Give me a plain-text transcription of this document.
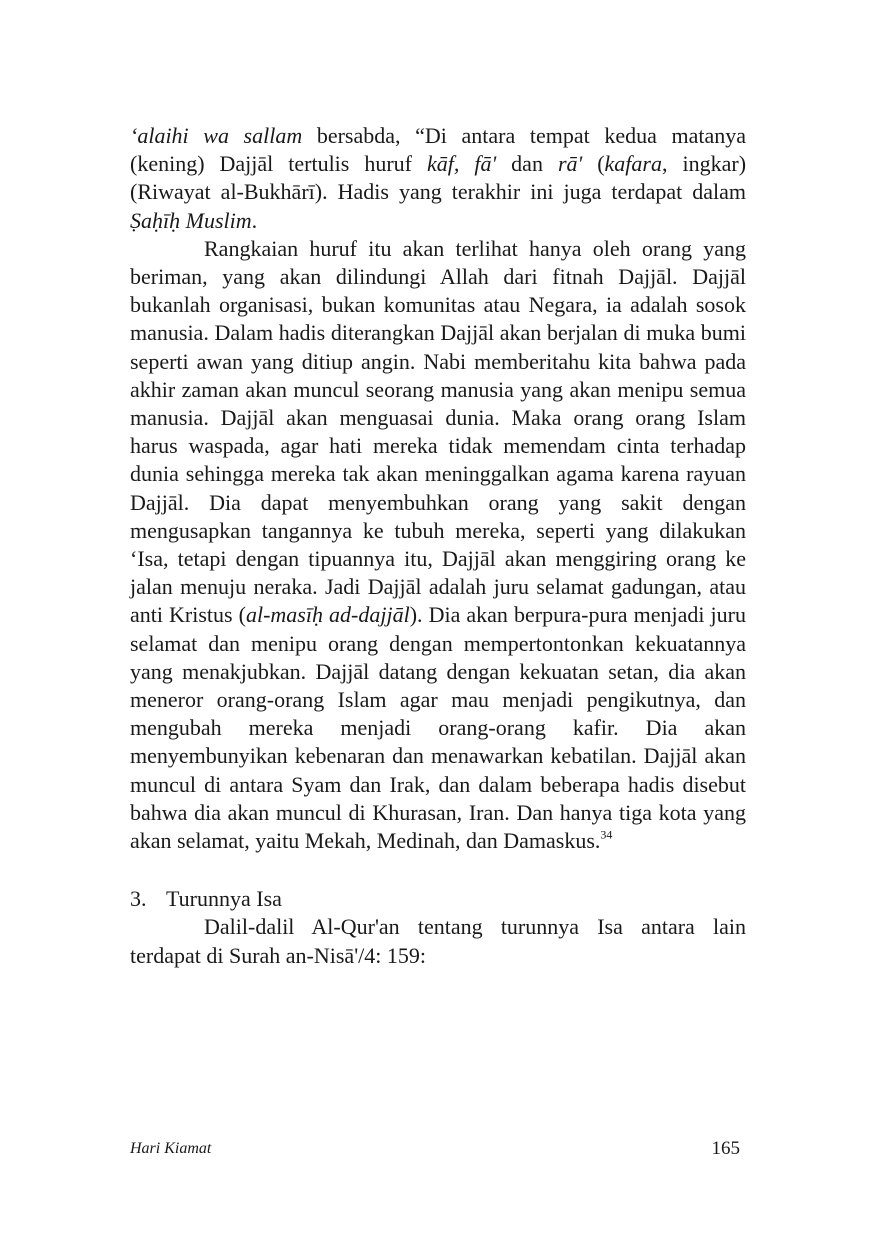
‘alaihi wa sallam bersabda, “Di antara tempat kedua matanya (kening) Dajjāl tertulis huruf kāf, fā' dan rā' (kafara, ingkar) (Riwayat al-Bukhārī). Hadis yang terakhir ini juga terdapat dalam Ṣaḥīḥ Muslim.

Rangkaian huruf itu akan terlihat hanya oleh orang yang beriman, yang akan dilindungi Allah dari fitnah Dajjāl. Dajjāl bukanlah organisasi, bukan komunitas atau Negara, ia adalah sosok manusia. Dalam hadis diterangkan Dajjāl akan berjalan di muka bumi seperti awan yang ditiup angin. Nabi memberitahu kita bahwa pada akhir zaman akan muncul seorang manusia yang akan menipu semua manusia. Dajjāl akan menguasai dunia. Maka orang orang Islam harus waspada, agar hati mereka tidak memendam cinta terhadap dunia sehingga mereka tak akan meninggalkan agama karena rayuan Dajjāl. Dia dapat menyembuhkan orang yang sakit dengan mengusapkan tangannya ke tubuh mereka, seperti yang dilakukan ‘Isa, tetapi dengan tipuannya itu, Dajjāl akan menggiring orang ke jalan menuju neraka. Jadi Dajjāl adalah juru selamat gadungan, atau anti Kristus (al-masīḥ ad-dajjāl). Dia akan berpura-pura menjadi juru selamat dan menipu orang dengan mempertontonkan kekuatannya yang menakjubkan. Dajjāl datang dengan kekuatan setan, dia akan meneror orang-orang Islam agar mau menjadi pengikutnya, dan mengubah mereka menjadi orang-orang kafir. Dia akan menyembunyikan kebenaran dan menawarkan kebatilan. Dajjāl akan muncul di antara Syam dan Irak, dan dalam beberapa hadis disebut bahwa dia akan muncul di Khurasan, Iran. Dan hanya tiga kota yang akan selamat, yaitu Mekah, Medinah, dan Damaskus.$^{34}$

3. Turunnya Isa

Dalil-dalil Al-Qur'an tentang turunnya Isa antara lain terdapat di Surah an-Nisā'/4: 159:

Hari Kiamat	165
